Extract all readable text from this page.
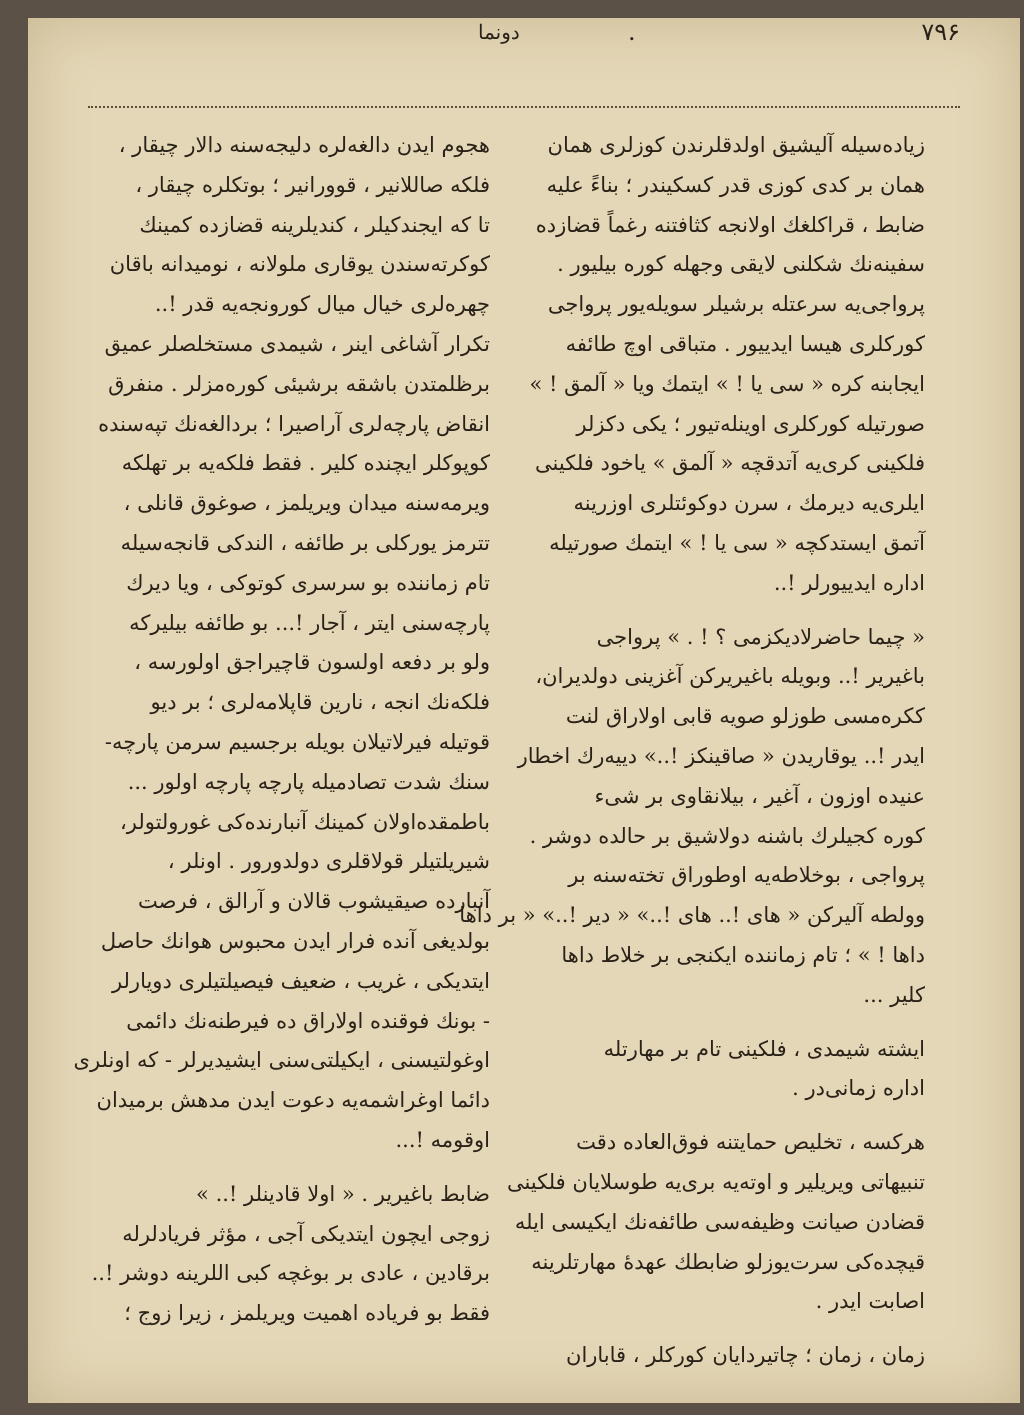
۷۹۶
.
دونما
زیاده‌سیله آلیشیق اولدقلرندن کوزلری همان
همان بر کدی کوزی قدر کسکیندر ؛ بناءً علیه
ضابط ، قراکلغك اولانجه کثافتنه رغماً قضازده
سفینه‌نك شکلنی لایقی وجهله کوره بیلیور .
پرواجی‌یه سرعتله برشیلر سویله‌یور پرواجی
کورکلری هیسا ایدییور . متباقی اوچ طائفه
ایجابنه کره « سی یا ! » ایتمك ویا « آلمق ! »
صورتیله کورکلری اوینله‌تیور ؛ یکی دکزلر
فلکینی کری‌یه آتدقچه « آلمق » یاخود فلکینی
ایلری‌یه دیرمك ، سرن دوکوئتلری اوزرینه
آتمق ایستدکچه « سی یا ! » ایتمك صورتیله
اداره ایدییورلر !..
« چیما حاضرلادیکزمی ؟ ! . » پرواجی
باغیریر !.. وبویله باغیریرکن آغزینی دولدیران،
ککره‌مسی طوزلو صویه قابی اولاراق لنت
ایدر !.. یوقاریدن « صاقینکز !..» دییه‌رك اخطار
عنیده اوزون ، آغیر ، بیلانقاوی بر شی‌ء
کوره کجیلرك باشنه دولاشیق بر حالده دوشر .
پرواجی ، بوخلاطه‌یه اوطوراق تخته‌سنه بر
وولطه آلیرکن « های !.. های !..» « دیر !..» « بر داها
داها ! » ؛ تام زماننده ایکنجی بر خلاط داها
کلیر ...
ایشته شیمدی ، فلکینی تام بر مهارتله
اداره زمانی‌در .
هرکسه ، تخلیص حمایتنه فوق‌العاده دقت
تنبیهاتی ویریلیر و اوته‌یه‌ بری‌یه طوسلایان فلکینی
قضادن صیانت وظیفه‌سی طائفه‌نك ایکیسی ایله
قیچده‌کی سرت‌یوزلو ضابطك عهدهٔ مهارتلرینه
اصابت ایدر .
زمان ، زمان ؛ چاتیردایان کورکلر ، قاباران
هجوم ایدن دالغه‌لره دلیجه‌سنه دالار چیقار ،
فلکه صاللانیر ، قوورانیر ؛ بوتکلره چیقار ،
تا که ایجندکیلر ، کندیلرینه قضازده کمینك
کوکرته‌سندن یوقاری ملولانه ، نومیدانه باقان
چهره‌لری خیال میال کورونجه‌یه قدر !..
تکرار آشاغی اینر ، شیمدی مستخلصلر عمیق
برظلمتدن باشقه برشیئی کوره‌مزلر . منفرق
انقاض پارچه‌لری آراصیرا ؛ بردالغه‌نك تپه‌سنده
کوپوکلر ایچنده کلیر . فقط فلکه‌یه بر تهلکه
ویرمه‌سنه میدان ویریلمز ، صوغوق قانلی ،
تترمز یورکلی بر طائفه ، الندکی قانجه‌سیله
تام زماننده بو سرسری کوتوکی ، ویا دیرك
پارچه‌سنی ایتر ، آجار !... بو طائفه بیلیرکه
ولو بر دفعه اولسون قاچیراجق اولورسه ،
فلکه‌نك انجه ، نارین قاپلامه‌لری ؛ بر دیو
قوتیله فیرلاتیلان بویله برجسیم سرمن پارچه-
سنك شدت تصادمیله پارچه پارچه اولور ...
باطمقده‌اولان کمینك آنبارنده‌کی غورولتولر،
شیریلتیلر قولاقلری دولدورور . اونلر ،
آنبارده صیقیشوب قالان و آرالق ، فرصت
بولدیغی آنده فرار ایدن محبوس هوانك حاصل
ایتدیکی ، غریب ، ضعیف فیصیلتیلری دویارلر
- بونك فوقنده اولاراق ده فیرطنه‌نك دائمی
اوغولتیسنی ، ایکیلتی‌سنی ایشیدیرلر - که اونلری
دائما اوغراشمه‌یه دعوت ایدن مدهش برمیدان
اوقومه !...
ضابط باغیریر . « اولا قادینلر !.. »
زوجی ایچون ایتدیکی آجی ، مؤثر فریادلرله
برقادین ، عادی بر بوغچه کبی اللرینه دوشر !..
فقط بو فریاده اهمیت ویریلمز ، زیرا زوج ؛
